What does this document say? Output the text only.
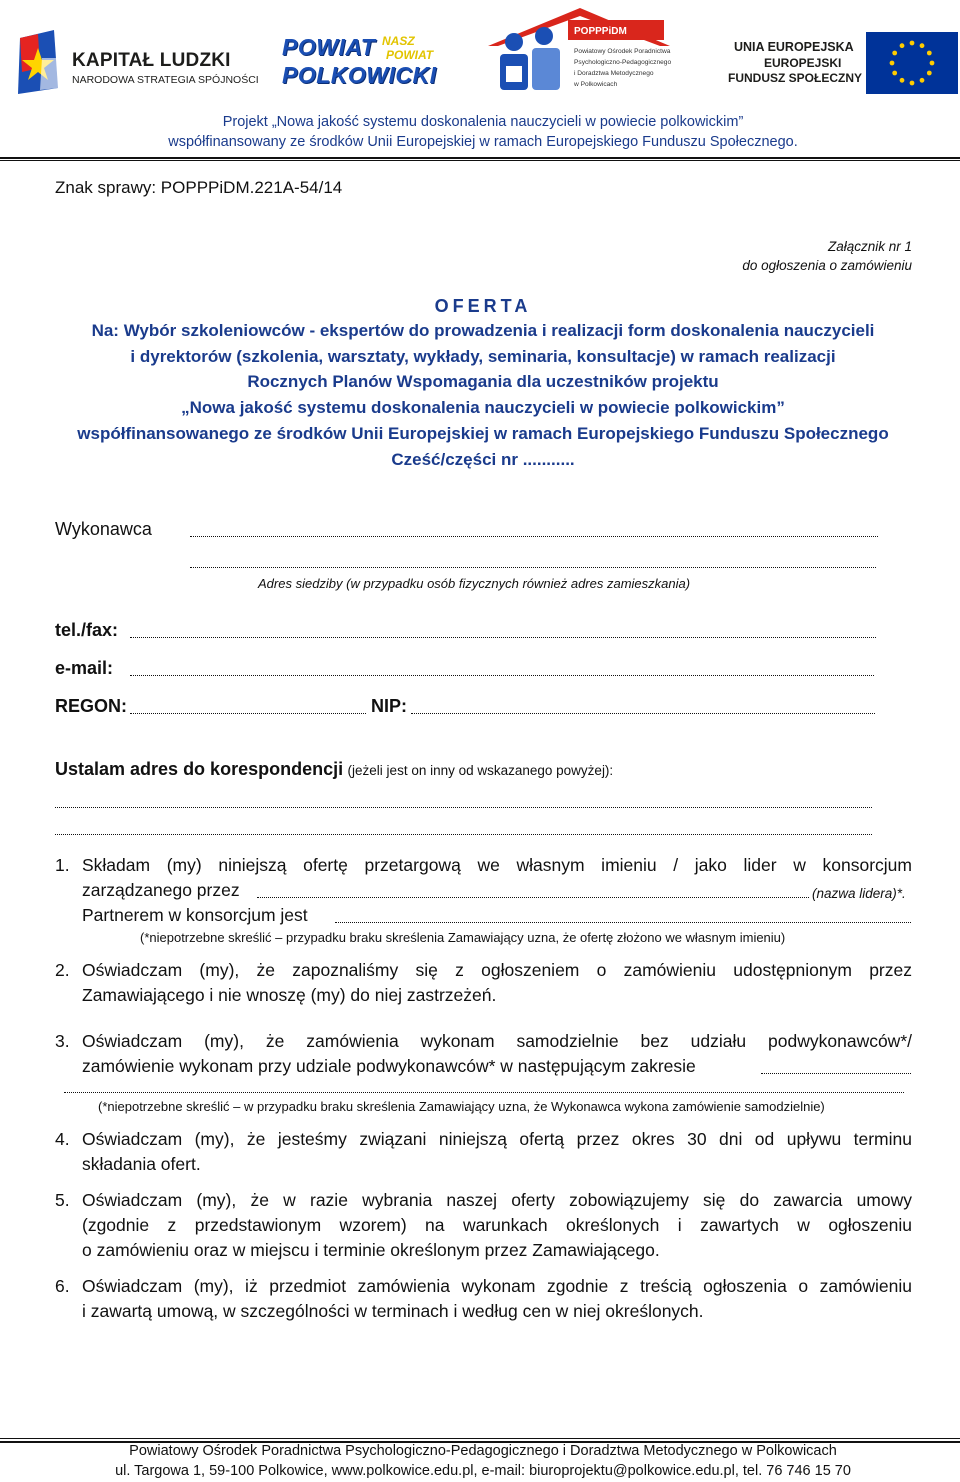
KAPITAŁ LUDZKI
NARODOWA STRATEGIA SPÓJNOŚCI
POWIAT
POLKOWICKI
NASZ
POWIAT
POPPPiDM
Powiatowy Ośrodek Poradnictwa
Psychologiczno-Pedagogicznego
i Doradztwa Metodycznego
w Polkowicach
UNIA EUROPEJSKA
EUROPEJSKI
FUNDUSZ SPOŁECZNY
Projekt „Nowa jakość systemu doskonalenia nauczycieli w powiecie polkowickim”
współfinansowany ze środków Unii Europejskiej w ramach Europejskiego Funduszu Społecznego.
Znak sprawy: POPPPiDM.221A-54/14
Załącznik nr 1
do ogłoszenia o zamówieniu
OFERTA
Na: Wybór szkoleniowców - ekspertów do prowadzenia i realizacji form doskonalenia nauczycieli
i dyrektorów (szkolenia, warsztaty, wykłady, seminaria, konsultacje) w ramach realizacji
Rocznych Planów Wspomagania dla uczestników projektu
„Nowa jakość systemu doskonalenia nauczycieli w powiecie polkowickim”
współfinansowanego ze środków Unii Europejskiej w ramach Europejskiego Funduszu Społecznego
Cześć/części nr ...........
Wykonawca
Adres siedziby (w przypadku osób fizycznych również adres zamieszkania)
tel./fax:
e-mail:
REGON:	NIP:
Ustalam adres do korespondencji (jeżeli jest on inny od wskazanego powyżej):
1. Składam (my) niniejszą ofertę przetargową we własnym imieniu / jako lider w konsorcjum
zarządzanego przez	(nazwa lidera)*.
Partnerem w konsorcjum jest
(*niepotrzebne skreślić – przypadku braku skreślenia Zamawiający uzna, że ofertę złożono we własnym imieniu)
2. Oświadczam (my), że zapoznaliśmy się z ogłoszeniem o zamówieniu udostępnionym przez
Zamawiającego i nie wnoszę (my) do niej zastrzeżeń.
3. Oświadczam (my), że zamówienia wykonam samodzielnie bez udziału podwykonawców*/
zamówienie wykonam przy udziale podwykonawców* w następującym zakresie
(*niepotrzebne skreślić – w przypadku braku skreślenia Zamawiający uzna, że Wykonawca wykona zamówienie samodzielnie)
4. Oświadczam (my), że jesteśmy związani niniejszą ofertą przez okres 30 dni od upływu terminu
składania ofert.
5. Oświadczam (my), że w razie wybrania naszej oferty zobowiązujemy się do zawarcia umowy
(zgodnie z przedstawionym wzorem) na warunkach określonych i zawartych w ogłoszeniu
o zamówieniu oraz w miejscu i terminie określonym przez Zamawiającego.
6. Oświadczam (my), iż przedmiot zamówienia wykonam zgodnie z treścią ogłoszenia o zamówieniu
i zawartą umową, w szczególności w terminach i według cen w niej określonych.
Powiatowy Ośrodek Poradnictwa Psychologiczno-Pedagogicznego i Doradztwa Metodycznego w Polkowicach
ul. Targowa 1, 59-100 Polkowice, www.polkowice.edu.pl, e-mail: biuroprojektu@polkowice.edu.pl, tel. 76 746 15 70
